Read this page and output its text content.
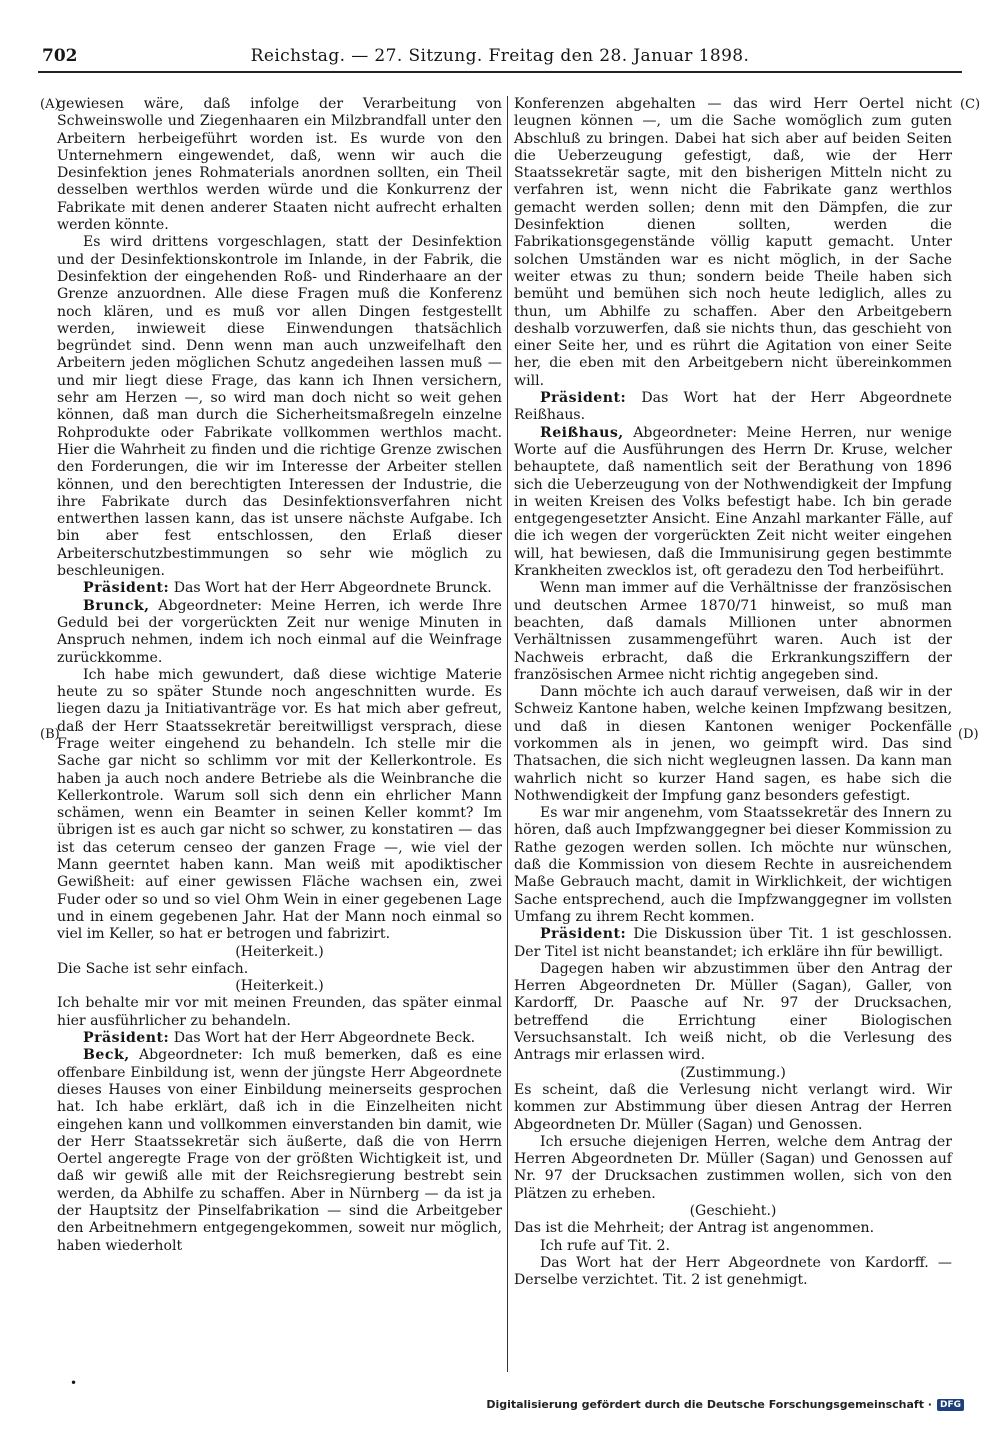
702	Reichstag. — 27. Sitzung. Freitag den 28. Januar 1898.
(A)
(B)
(C)
(D)

gewiesen wäre, daß infolge der Verarbeitung von Schweinswolle und Ziegenhaaren ein Milzbrandfall unter den Arbeitern herbeigeführt worden ist. Es wurde von den Unternehmern eingewendet, daß, wenn wir auch die Desinfektion jenes Rohmaterials anordnen sollten, ein Theil desselben werthlos werden würde und die Konkurrenz der Fabrikate mit denen anderer Staaten nicht aufrecht erhalten werden könnte.

Es wird drittens vorgeschlagen, statt der Desinfektion und der Desinfektionskontrole im Inlande, in der Fabrik, die Desinfektion der eingehenden Roß- und Rinderhaare an der Grenze anzuordnen. Alle diese Fragen muß die Konferenz noch klären, und es muß vor allen Dingen festgestellt werden, inwieweit diese Einwendungen thatsächlich begründet sind. Denn wenn man auch unzweifelhaft den Arbeitern jeden möglichen Schutz angedeihen lassen muß — und mir liegt diese Frage, das kann ich Ihnen versichern, sehr am Herzen —, so wird man doch nicht so weit gehen können, daß man durch die Sicherheitsmaßregeln einzelne Rohprodukte oder Fabrikate vollkommen werthlos macht. Hier die Wahrheit zu finden und die richtige Grenze zwischen den Forderungen, die wir im Interesse der Arbeiter stellen können, und den berechtigten Interessen der Industrie, die ihre Fabrikate durch das Desinfektionsverfahren nicht entwerthen lassen kann, das ist unsere nächste Aufgabe. Ich bin aber fest entschlossen, den Erlaß dieser Arbeiterschutzbestimmungen so sehr wie möglich zu beschleunigen.

Präsident: Das Wort hat der Herr Abgeordnete Brunck.

Brunck, Abgeordneter: Meine Herren, ich werde Ihre Geduld bei der vorgerückten Zeit nur wenige Minuten in Anspruch nehmen, indem ich noch einmal auf die Weinfrage zurückkomme.

Ich habe mich gewundert, daß diese wichtige Materie heute zu so später Stunde noch angeschnitten wurde. Es liegen dazu ja Initiativanträge vor. Es hat mich aber gefreut, daß der Herr Staatssekretär bereitwilligst versprach, diese Frage weiter eingehend zu behandeln. Ich stelle mir die Sache gar nicht so schlimm vor mit der Kellerkontrole. Es haben ja auch noch andere Betriebe als die Weinbranche die Kellerkontrole. Warum soll sich denn ein ehrlicher Mann schämen, wenn ein Beamter in seinen Keller kommt? Im übrigen ist es auch gar nicht so schwer, zu konstatiren — das ist das ceterum censeo der ganzen Frage —, wie viel der Mann geerntet haben kann. Man weiß mit apodiktischer Gewißheit: auf einer gewissen Fläche wachsen ein, zwei Fuder oder so und so viel Ohm Wein in einer gegebenen Lage und in einem gegebenen Jahr. Hat der Mann noch einmal so viel im Keller, so hat er betrogen und fabrizirt.

(Heiterkeit.)

Die Sache ist sehr einfach.

(Heiterkeit.)

Ich behalte mir vor mit meinen Freunden, das später einmal hier ausführlicher zu behandeln.

Präsident: Das Wort hat der Herr Abgeordnete Beck.

Beck, Abgeordneter: Ich muß bemerken, daß es eine offenbare Einbildung ist, wenn der jüngste Herr Abgeordnete dieses Hauses von einer Einbildung meinerseits gesprochen hat. Ich habe erklärt, daß ich in die Einzelheiten nicht eingehen kann und vollkommen einverstanden bin damit, wie der Herr Staatssekretär sich äußerte, daß die von Herrn Oertel angeregte Frage von der größten Wichtigkeit ist, und daß wir gewiß alle mit der Reichsregierung bestrebt sein werden, da Abhilfe zu schaffen. Aber in Nürnberg — da ist ja der Hauptsitz der Pinselfabrikation — sind die Arbeitgeber den Arbeitnehmern entgegengekommen, soweit nur möglich, haben wiederholt

Konferenzen abgehalten — das wird Herr Oertel nicht leugnen können —, um die Sache womöglich zum guten Abschluß zu bringen. Dabei hat sich aber auf beiden Seiten die Ueberzeugung gefestigt, daß, wie der Herr Staatssekretär sagte, mit den bisherigen Mitteln nicht zu verfahren ist, wenn nicht die Fabrikate ganz werthlos gemacht werden sollen; denn mit den Dämpfen, die zur Desinfektion dienen sollten, werden die Fabrikationsgegenstände völlig kaputt gemacht. Unter solchen Umständen war es nicht möglich, in der Sache weiter etwas zu thun; sondern beide Theile haben sich bemüht und bemühen sich noch heute lediglich, alles zu thun, um Abhilfe zu schaffen. Aber den Arbeitgebern deshalb vorzuwerfen, daß sie nichts thun, das geschieht von einer Seite her, und es rührt die Agitation von einer Seite her, die eben mit den Arbeitgebern nicht übereinkommen will.

Präsident: Das Wort hat der Herr Abgeordnete Reißhaus.

Reißhaus, Abgeordneter: Meine Herren, nur wenige Worte auf die Ausführungen des Herrn Dr. Kruse, welcher behauptete, daß namentlich seit der Berathung von 1896 sich die Ueberzeugung von der Nothwendigkeit der Impfung in weiten Kreisen des Volks befestigt habe. Ich bin gerade entgegengesetzter Ansicht. Eine Anzahl markanter Fälle, auf die ich wegen der vorgerückten Zeit nicht weiter eingehen will, hat bewiesen, daß die Immunisirung gegen bestimmte Krankheiten zwecklos ist, oft geradezu den Tod herbeiführt.

Wenn man immer auf die Verhältnisse der französischen und deutschen Armee 1870/71 hinweist, so muß man beachten, daß damals Millionen unter abnormen Verhältnissen zusammengeführt waren. Auch ist der Nachweis erbracht, daß die Erkrankungsziffern der französischen Armee nicht richtig angegeben sind.

Dann möchte ich auch darauf verweisen, daß wir in der Schweiz Kantone haben, welche keinen Impfzwang besitzen, und daß in diesen Kantonen weniger Pockenfälle vorkommen als in jenen, wo geimpft wird. Das sind Thatsachen, die sich nicht wegleugnen lassen. Da kann man wahrlich nicht so kurzer Hand sagen, es habe sich die Nothwendigkeit der Impfung ganz besonders gefestigt.

Es war mir angenehm, vom Staatssekretär des Innern zu hören, daß auch Impfzwanggegner bei dieser Kommission zu Rathe gezogen werden sollen. Ich möchte nur wünschen, daß die Kommission von diesem Rechte in ausreichendem Maße Gebrauch macht, damit in Wirklichkeit, der wichtigen Sache entsprechend, auch die Impfzwanggegner im vollsten Umfang zu ihrem Recht kommen.

Präsident: Die Diskussion über Tit. 1 ist geschlossen. Der Titel ist nicht beanstandet; ich erkläre ihn für bewilligt.

Dagegen haben wir abzustimmen über den Antrag der Herren Abgeordneten Dr. Müller (Sagan), Galler, von Kardorff, Dr. Paasche auf Nr. 97 der Drucksachen, betreffend die Errichtung einer Biologischen Versuchsanstalt. Ich weiß nicht, ob die Verlesung des Antrags mir erlassen wird.

(Zustimmung.)

Es scheint, daß die Verlesung nicht verlangt wird. Wir kommen zur Abstimmung über diesen Antrag der Herren Abgeordneten Dr. Müller (Sagan) und Genossen.

Ich ersuche diejenigen Herren, welche dem Antrag der Herren Abgeordneten Dr. Müller (Sagan) und Genossen auf Nr. 97 der Drucksachen zustimmen wollen, sich von den Plätzen zu erheben.

(Geschieht.)

Das ist die Mehrheit; der Antrag ist angenommen.

Ich rufe auf Tit. 2.

Das Wort hat der Herr Abgeordnete von Kardorff. — Derselbe verzichtet. Tit. 2 ist genehmigt.

•
Digitalisierung gefördert durch die Deutsche Forschungsgemeinschaft · DFG
